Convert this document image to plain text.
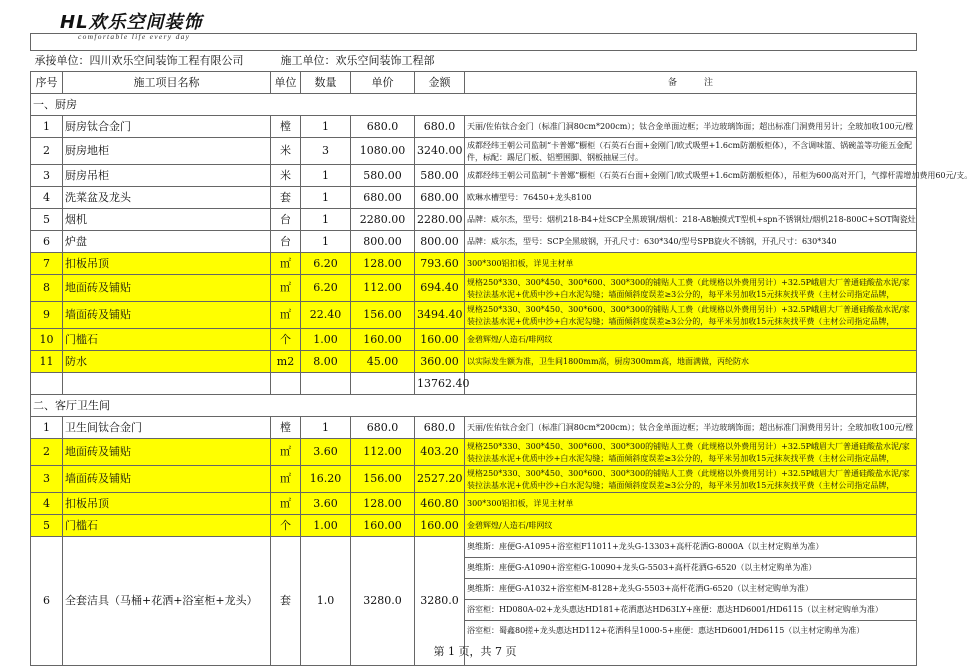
HL欢乐空间装饰
comfortable life every day

承接单位：四川欢乐空间装饰工程有限公司 施工单位：欢乐空间装饰工程部						
序号	施工项目名称	单位	数量	单价	金额	备　　　注
一、厨房						
1	厨房钛合金门	樘	1	680.0	680.0	天丽/佐佑钛合金门（标准门洞80cm*200cm）；钛合金单面边框；半边玻璃饰面；超出标准门洞费用另计；全玻加收100元/樘
2	厨房地柜	米	3	1080.00	3240.00	成都经纬王朝公司监制“卡普娜”橱柜（石英石台面+金刚门/欧式吸塑+1.6cm防潮板柜体），不含调味篮、锅碗盖等功能五金配件，标配：踢尼门板、铝塑围脚、钢板抽屉三付。
3	厨房吊柜	米	1	580.00	580.00	成都经纬王朝公司监制“卡普娜”橱柜（石英石台面+金刚门/欧式吸塑+1.6cm防潮板柜体），吊柜为600高对开门，气撑杆需增加费用60元/支。
4	洗菜盆及龙头	套	1	680.00	680.00	欧琳水槽型号：76450+龙头8100
5	烟机	台	1	2280.00	2280.00	品牌：威尔杰，型号：烟机218-B4+灶SCP全黑玻钢/烟机：218-A8触摸式T型机+spn不锈钢灶/烟机218-800C+SOT陶瓷灶
6	炉盘	台	1	800.00	800.00	品牌：威尔杰，型号：SCP全黑玻钢，开孔尺寸：630*340/型号SPB旋火不锈钢，开孔尺寸：630*340
7	扣板吊顶	㎡	6.20	128.00	793.60	300*300铝扣板，详见主材单
8	地面砖及铺贴	㎡	6.20	112.00	694.40	规格250*330、300*450、300*600、300*300的铺贴人工费（此规格以外费用另计）+32.5P峨眉大厂普通硅酸盐水泥/家装拉法基水泥+优质中沙+白水泥勾缝；墙面倾斜度误差≥3公分的，每平米另加收15元抹灰找平费（主材公司指定品牌，
9	墙面砖及铺贴	㎡	22.40	156.00	3494.40	规格250*330、300*450、300*600、300*300的铺贴人工费（此规格以外费用另计）+32.5P峨眉大厂普通硅酸盐水泥/家装拉法基水泥+优质中沙+白水泥勾缝；墙面倾斜度误差≥3公分的，每平米另加收15元抹灰找平费（主材公司指定品牌，
10	门槛石	个	1.00	160.00	160.00	金碧辉煌/人造石/啡网纹
11	防水	m2	8.00	45.00	360.00	以实际发生额为准，卫生间1800mm高，厨房300mm高，地面满做，丙纶防水
					13762.40	
二、客厅卫生间						
1	卫生间钛合金门	樘	1	680.0	680.0	天丽/佐佑钛合金门（标准门洞80cm*200cm）；钛合金单面边框；半边玻璃饰面；超出标准门洞费用另计；全玻加收100元/樘
2	地面砖及铺贴	㎡	3.60	112.00	403.20	规格250*330、300*450、300*600、300*300的铺贴人工费（此规格以外费用另计）+32.5P峨眉大厂普通硅酸盐水泥/家装拉法基水泥+优质中沙+白水泥勾缝；墙面倾斜度误差≥3公分的，每平米另加收15元抹灰找平费（主材公司指定品牌，
3	墙面砖及铺贴	㎡	16.20	156.00	2527.20	规格250*330、300*450、300*600、300*300的铺贴人工费（此规格以外费用另计）+32.5P峨眉大厂普通硅酸盐水泥/家装拉法基水泥+优质中沙+白水泥勾缝；墙面倾斜度误差≥3公分的，每平米另加收15元抹灰找平费（主材公司指定品牌，
4	扣板吊顶	㎡	3.60	128.00	460.80	300*300铝扣板，详见主材单
5	门槛石	个	1.00	160.00	160.00	金碧辉煌/人造石/啡网纹
6	全套洁具（马桶+花洒+浴室柜+龙头）	套	1.0	3280.0	3280.0	奥维斯：座便G-A1095+浴室柜F11011+龙头G-13303+高杆花洒G-8000A（以主材定购单为准）
奥维斯：座便G-A1090+浴室柜G-10090+龙头G-5503+高杆花洒G-6520（以主材定购单为准）
奥维斯：座便G-A1032+浴室柜M-8128+龙头G-5503+高杆花洒G-6520（以主材定购单为准）
浴室柜：HD080A-02+龙头惠达HD181+花洒惠达HD63LY+座便：惠达HD6001/HD6115（以主材定购单为准）
浴室柜：蜀鑫80搓+龙头惠达HD112+花洒科呈1000-5+座便：惠达HD6001/HD6115（以主材定购单为准）
第 1 页，共 7 页
